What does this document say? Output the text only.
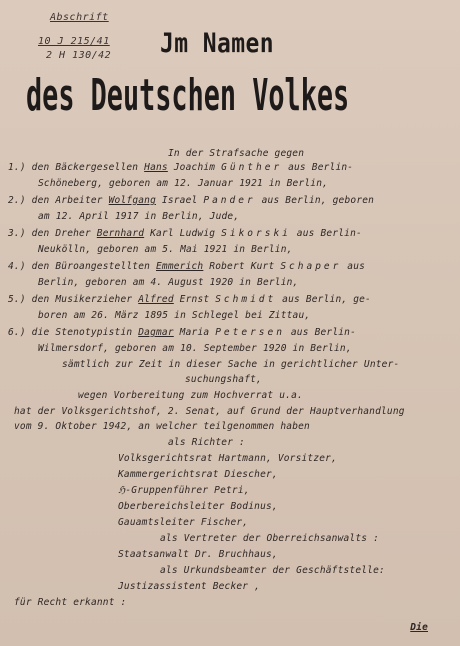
Abschrift
10 J 215/41
2 H 130/42 Jm Namen
des Deutschen Volkes
In der Strafsache gegen
1.) den Bäckergesellen Hans Joachim Günther aus Berlin-
Schöneberg, geboren am 12. Januar 1921 in Berlin,
2.) den Arbeiter Wolfgang Israel Pander aus Berlin, geboren
am 12. April 1917 in Berlin, Jude,
3.) den Dreher Bernhard Karl Ludwig Sikorski aus Berlin-
Neukölln, geboren am 5. Mai 1921 in Berlin,
4.) den Büroangestellten Emmerich Robert Kurt Schaper aus
Berlin, geboren am 4. August 1920 in Berlin,
5.) den Musikerzieher Alfred Ernst Schmidt aus Berlin, ge-
boren am 26. März 1895 in Schlegel bei Zittau,
6.) die Stenotypistin Dagmar Maria Petersen aus Berlin-
Wilmersdorf, geboren am 10. September 1920 in Berlin,
sämtlich zur Zeit in dieser Sache in gerichtlicher Unter-
suchungshaft,
wegen Vorbereitung zum Hochverrat u.a.
hat der Volksgerichtshof, 2. Senat, auf Grund der Hauptverhandlung
vom 9. Oktober 1942, an welcher teilgenommen haben
als Richter :
Volksgerichtsrat Hartmann, Vorsitzer,
Kammergerichtsrat Diescher,
ℌ-Gruppenführer Petri,
Oberbereichsleiter Bodinus,
Gauamtsleiter Fischer,
als Vertreter der Oberreichsanwalts :
Staatsanwalt Dr. Bruchhaus,
als Urkundsbeamter der Geschäftstelle:
Justizassistent Becker ,
für Recht erkannt :
Die
